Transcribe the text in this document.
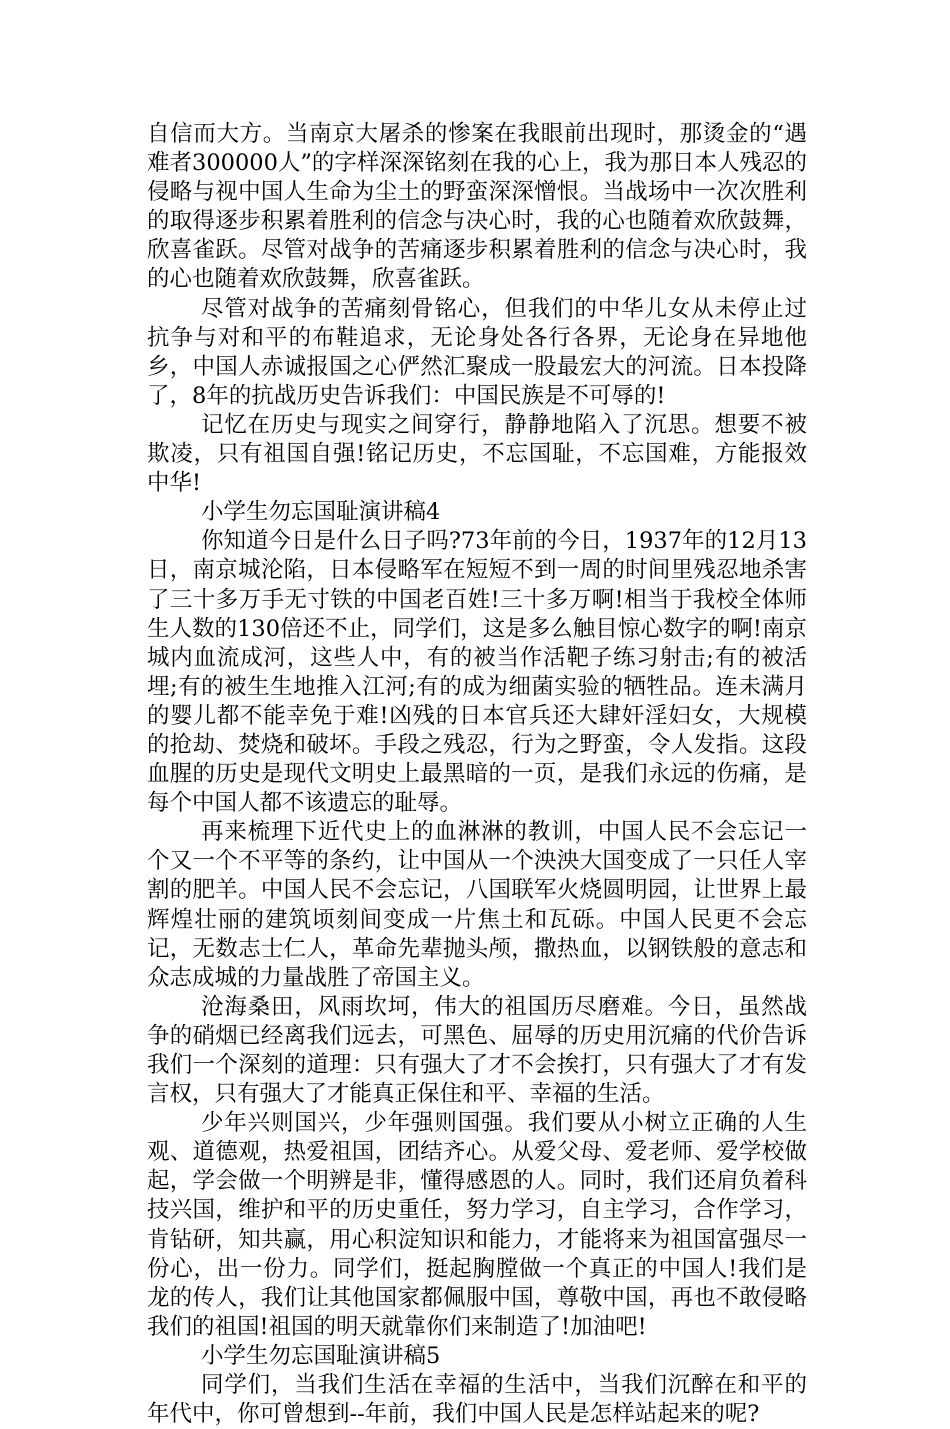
自信而大方。当南京大屠杀的惨案在我眼前出现时，那烫金的“遇难者300000人”的字样深深铭刻在我的心上，我为那日本人残忍的侵略与视中国人生命为尘土的野蛮深深憎恨。当战场中一次次胜利的取得逐步积累着胜利的信念与决心时，我的心也随着欢欣鼓舞，欣喜雀跃。尽管对战争的苦痛逐步积累着胜利的信念与决心时，我的心也随着欢欣鼓舞，欣喜雀跃。

尽管对战争的苦痛刻骨铭心，但我们的中华儿女从未停止过抗争与对和平的布鞋追求，无论身处各行各界，无论身在异地他乡，中国人赤诚报国之心俨然汇聚成一股最宏大的河流。日本投降了，8年的抗战历史告诉我们：中国民族是不可辱的!

记忆在历史与现实之间穿行，静静地陷入了沉思。想要不被欺凌，只有祖国自强!铭记历史，不忘国耻，不忘国难，方能报效中华!

小学生勿忘国耻演讲稿4

你知道今日是什么日子吗?73年前的今日，1937年的12月13日，南京城沦陷，日本侵略军在短短不到一周的时间里残忍地杀害了三十多万手无寸铁的中国老百姓!三十多万啊!相当于我校全体师生人数的130倍还不止，同学们，这是多么触目惊心数字的啊!南京城内血流成河，这些人中，有的被当作活靶子练习射击;有的被活埋;有的被生生地推入江河;有的成为细菌实验的牺牲品。连未满月的婴儿都不能幸免于难!凶残的日本官兵还大肆奸淫妇女，大规模的抢劫、焚烧和破坏。手段之残忍，行为之野蛮，令人发指。这段血腥的历史是现代文明史上最黑暗的一页，是我们永远的伤痛，是每个中国人都不该遗忘的耻辱。

再来梳理下近代史上的血淋淋的教训，中国人民不会忘记一个又一个不平等的条约，让中国从一个泱泱大国变成了一只任人宰割的肥羊。中国人民不会忘记，八国联军火烧圆明园，让世界上最辉煌壮丽的建筑顷刻间变成一片焦土和瓦砾。中国人民更不会忘记，无数志士仁人，革命先辈抛头颅，撒热血，以钢铁般的意志和众志成城的力量战胜了帝国主义。

沧海桑田，风雨坎坷，伟大的祖国历尽磨难。今日，虽然战争的硝烟已经离我们远去，可黑色、屈辱的历史用沉痛的代价告诉我们一个深刻的道理：只有强大了才不会挨打，只有强大了才有发言权，只有强大了才能真正保住和平、幸福的生活。

少年兴则国兴，少年强则国强。我们要从小树立正确的人生观、道德观，热爱祖国，团结齐心。从爱父母、爱老师、爱学校做起，学会做一个明辨是非，懂得感恩的人。同时，我们还肩负着科技兴国，维护和平的历史重任，努力学习，自主学习，合作学习，肯钻研，知共赢，用心积淀知识和能力，才能将来为祖国富强尽一份心，出一份力。同学们，挺起胸膛做一个真正的中国人!我们是龙的传人，我们让其他国家都佩服中国，尊敬中国，再也不敢侵略我们的祖国!祖国的明天就靠你们来制造了!加油吧!

小学生勿忘国耻演讲稿5

同学们，当我们生活在幸福的生活中，当我们沉醉在和平的年代中，你可曾想到--年前，我们中国人民是怎样站起来的呢?
